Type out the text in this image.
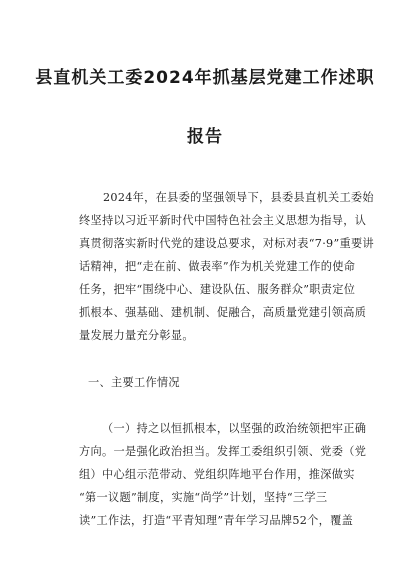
县直机关工委2024年抓基层党建工作述职
报告
2024年，在县委的坚强领导下，县委县直机关工委始
终坚持以习近平新时代中国特色社会主义思想为指导，认
真贯彻落实新时代党的建设总要求，对标对表“7·9”重要讲
话精神，把“走在前、做表率”作为机关党建工作的使命
任务，把牢“围绕中心、建设队伍、服务群众”职责定位
抓根本、强基础、建机制、促融合，高质量党建引领高质
量发展力量充分彰显。
一、主要工作情况
（一）持之以恒抓根本，以坚强的政治统领把牢正确
方向。一是强化政治担当。发挥工委组织引领、党委（党
组）中心组示范带动、党组织阵地平台作用，推深做实
“第一议题”制度，实施“尚学”计划，坚持“三学三
读”工作法，打造“平青知理”青年学习品牌52个，覆盖
